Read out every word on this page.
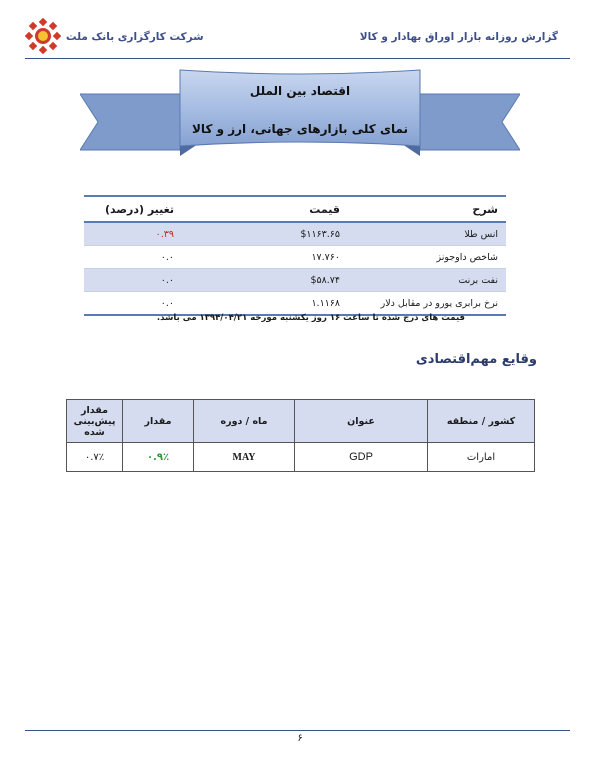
گزارش روزانه بازار اوراق بهادار و کالا
شرکت کارگزاری بانک ملت
اقتصاد بین الملل
نمای کلی بازارهای جهانی، ارز و کالا
شرح	قیمت	تغییر (درصد)
انس طلا	$۱۱۶۳.۶۵	۰.۳۹
شاخص داوجونز	۱۷.۷۶۰	۰.۰
نفت برنت	$۵۸.۷۴	۰.۰
نرخ برابری یورو در مقابل دلار	۱.۱۱۶۸	۰.۰
قیمت های درج شده تا ساعت ۱۶ روز یکشنبه مورخه ۱۳۹۴/۰۴/۲۱ می باشد.
وقایع مهم‌اقتصادی
کشور / منطقه	عنوان	ماه / دوره	مقدار	مقدار پیش‌بینی شده
امارات	GDP	MAY	۰.۹٪	۰.۷٪
۶
